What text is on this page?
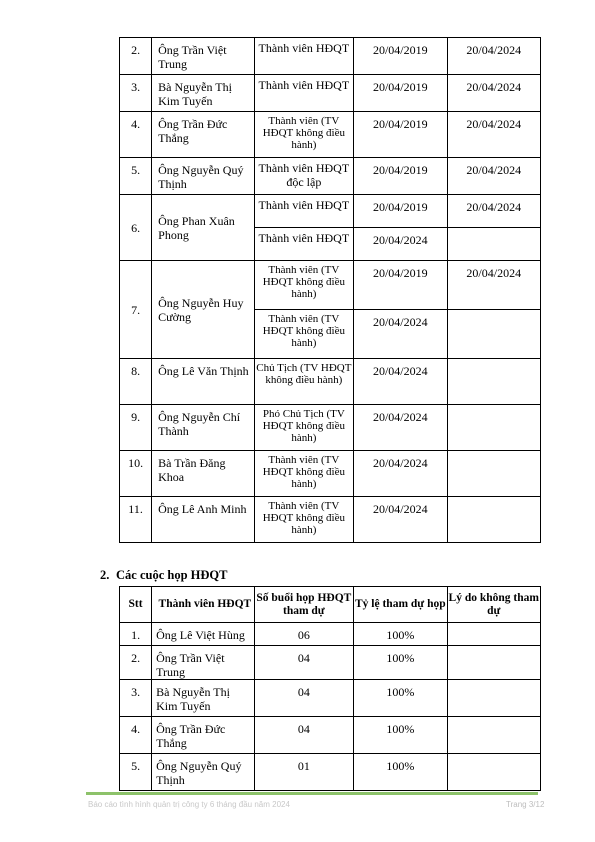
2.	Ông Trần Việt Trung	Thành viên HĐQT	20/04/2019	20/04/2024
3.	Bà Nguyễn Thị Kim Tuyến	Thành viên HĐQT	20/04/2019	20/04/2024
4.	Ông Trần Đức Thắng	Thành viên (TV HĐQT không điều hành)	20/04/2019	20/04/2024
5.	Ông Nguyễn Quý Thịnh	Thành viên HĐQT độc lập	20/04/2019	20/04/2024
6.	Ông Phan Xuân Phong	Thành viên HĐQT	20/04/2019	20/04/2024
		Thành viên HĐQT	20/04/2024	
7.	Ông Nguyễn Huy Cường	Thành viên (TV HĐQT không điều hành)	20/04/2019	20/04/2024
		Thành viên (TV HĐQT không điều hành)	20/04/2024	
8.	Ông Lê Văn Thịnh	Chủ Tịch (TV HĐQT không điều hành)	20/04/2024	
9.	Ông Nguyễn Chí Thành	Phó Chủ Tịch (TV HĐQT không điều hành)	20/04/2024	
10.	Bà Trần Đăng Khoa	Thành viên (TV HĐQT không điều hành)	20/04/2024	
11.	Ông Lê Anh Minh	Thành viên (TV HĐQT không điều hành)	20/04/2024	
2. Các cuộc họp HĐQT
Stt	Thành viên HĐQT	Số buổi họp HĐQT tham dự	Tỷ lệ tham dự họp	Lý do không tham dự
1.	Ông Lê Việt Hùng	06	100%	
2.	Ông Trần Việt Trung	04	100%	
3.	Bà Nguyễn Thị Kim Tuyến	04	100%	
4.	Ông Trần Đức Thắng	04	100%	
5.	Ông Nguyễn Quý Thịnh	01	100%	
Báo cáo tình hình quản trị công ty 6 tháng đầu năm 2024	Trang 3/12
